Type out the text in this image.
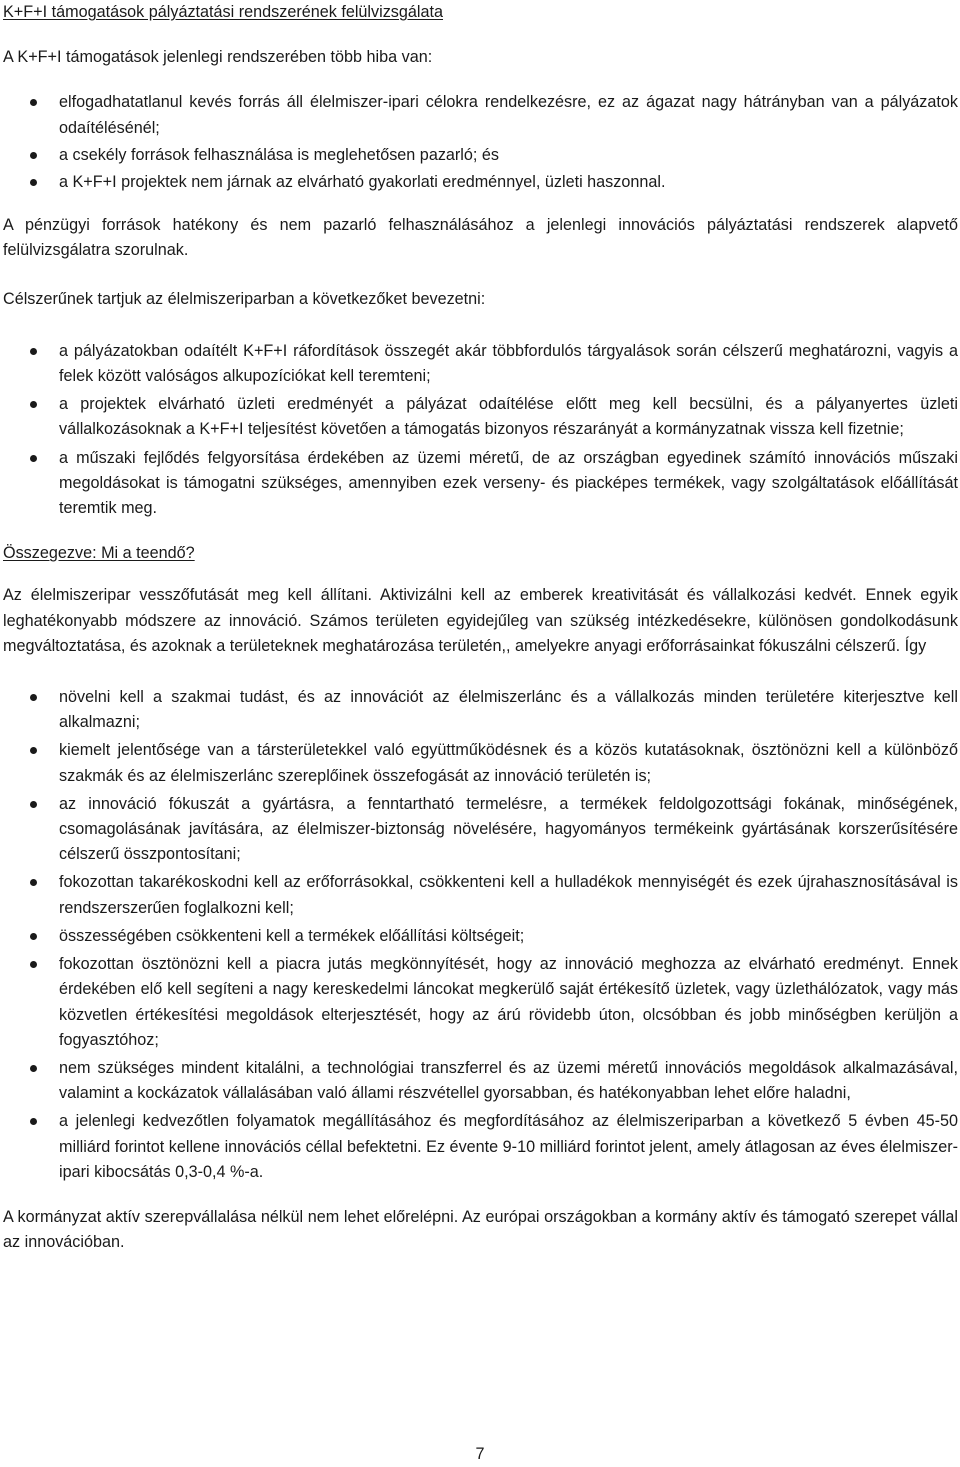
K+F+I támogatások pályáztatási rendszerének felülvizsgálata

A K+F+I támogatások jelenlegi rendszerében több hiba van:

elfogadhatatlanul kevés forrás áll élelmiszer-ipari célokra rendelkezésre, ez az ágazat nagy hátrányban van a pályázatok odaítélésénél;
a csekély források felhasználása is meglehetősen pazarló; és
a K+F+I projektek nem járnak az elvárható gyakorlati eredménnyel, üzleti haszonnal.

A pénzügyi források hatékony és nem pazarló felhasználásához a jelenlegi innovációs pályáztatási rendszerek alapvető felülvizsgálatra szorulnak.

Célszerűnek tartjuk az élelmiszeriparban a következőket bevezetni:

a pályázatokban odaítélt K+F+I ráfordítások összegét akár többfordulós tárgyalások során célszerű meghatározni, vagyis a felek között valóságos alkupozíciókat kell teremteni;
a projektek elvárható üzleti eredményét a pályázat odaítélése előtt meg kell becsülni, és a pályanyertes üzleti vállalkozásoknak a K+F+I teljesítést követően a támogatás bizonyos részarányát a kormányzatnak vissza kell fizetnie;
a műszaki fejlődés felgyorsítása érdekében az üzemi méretű, de az országban egyedinek számító innovációs műszaki megoldásokat is támogatni szükséges, amennyiben ezek verseny- és piacképes termékek, vagy szolgáltatások előállítását teremtik meg.
Összegezve: Mi a teendő?

Az élelmiszeripar vesszőfutását meg kell állítani. Aktivizálni kell az emberek kreativitását és vállalkozási kedvét. Ennek egyik leghatékonyabb módszere az innováció. Számos területen egyidejűleg van szükség intézkedésekre, különösen gondolkodásunk megváltoztatása, és azoknak a területeknek meghatározása területén,, amelyekre anyagi erőforrásainkat fókuszálni célszerű. Így

növelni kell a szakmai tudást, és az innovációt az élelmiszerlánc és a vállalkozás minden területére kiterjesztve kell alkalmazni;
kiemelt jelentősége van a társterületekkel való együttműködésnek és a közös kutatásoknak, ösztönözni kell a különböző szakmák és az élelmiszerlánc szereplőinek összefogását az innováció területén is;
az innováció fókuszát a gyártásra, a fenntartható termelésre, a termékek feldolgozottsági fokának, minőségének, csomagolásának javítására, az élelmiszer-biztonság növelésére, hagyományos termékeink gyártásának korszerűsítésére célszerű összpontosítani;
fokozottan takarékoskodni kell az erőforrásokkal, csökkenteni kell a hulladékok mennyiségét és ezek újrahasznosításával is rendszerszerűen foglalkozni kell;
összességében csökkenteni kell a termékek előállítási költségeit;
fokozottan ösztönözni kell a piacra jutás megkönnyítését, hogy az innováció meghozza az elvárható eredményt. Ennek érdekében elő kell segíteni a nagy kereskedelmi láncokat megkerülő saját értékesítő üzletek, vagy üzlethálózatok, vagy más közvetlen értékesítési megoldások elterjesztését, hogy az árú rövidebb úton, olcsóbban és jobb minőségben kerüljön a fogyasztóhoz;
nem szükséges mindent kitalálni, a technológiai transzferrel és az üzemi méretű innovációs megoldások alkalmazásával, valamint a kockázatok vállalásában való állami részvétellel gyorsabban, és hatékonyabban lehet előre haladni,
a jelenlegi kedvezőtlen folyamatok megállításához és megfordításához az élelmiszeriparban a következő 5 évben 45-50 milliárd forintot kellene innovációs céllal befektetni. Ez évente 9-10 milliárd forintot jelent, amely átlagosan az éves élelmiszer-ipari kibocsátás 0,3-0,4 %-a.

A kormányzat aktív szerepvállalása nélkül nem lehet előrelépni. Az európai országokban a kormány aktív és támogató szerepet vállal az innovációban.

7
